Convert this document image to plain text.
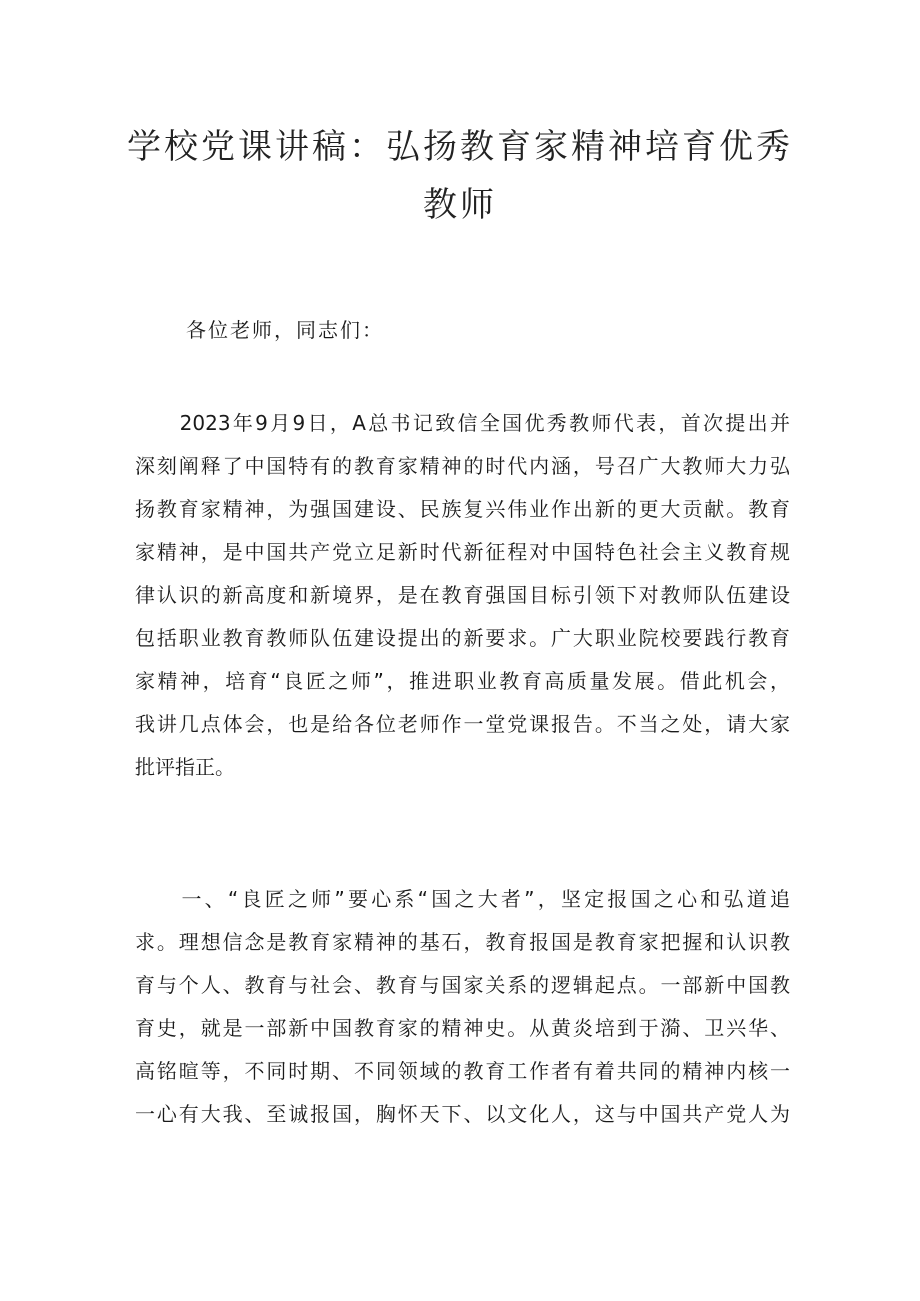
学校党课讲稿：弘扬教育家精神培育优秀
教师

各位老师，同志们：

　　2023年9月9日，A总书记致信全国优秀教师代表，首次提出并
深刻阐释了中国特有的教育家精神的时代内涵，号召广大教师大力弘
扬教育家精神，为强国建设、民族复兴伟业作出新的更大贡献。教育
家精神，是中国共产党立足新时代新征程对中国特色社会主义教育规
律认识的新高度和新境界，是在教育强国目标引领下对教师队伍建设
包括职业教育教师队伍建设提出的新要求。广大职业院校要践行教育
家精神，培育“良匠之师”，推进职业教育高质量发展。借此机会，
我讲几点体会，也是给各位老师作一堂党课报告。不当之处，请大家
批评指正。
　　一、“良匠之师”要心系“国之大者”，坚定报国之心和弘道追
求。理想信念是教育家精神的基石，教育报国是教育家把握和认识教
育与个人、教育与社会、教育与国家关系的逻辑起点。一部新中国教
育史，就是一部新中国教育家的精神史。从黄炎培到于漪、卫兴华、
高铭暄等，不同时期、不同领域的教育工作者有着共同的精神内核一
一心有大我、至诚报国，胸怀天下、以文化人，这与中国共产党人为
